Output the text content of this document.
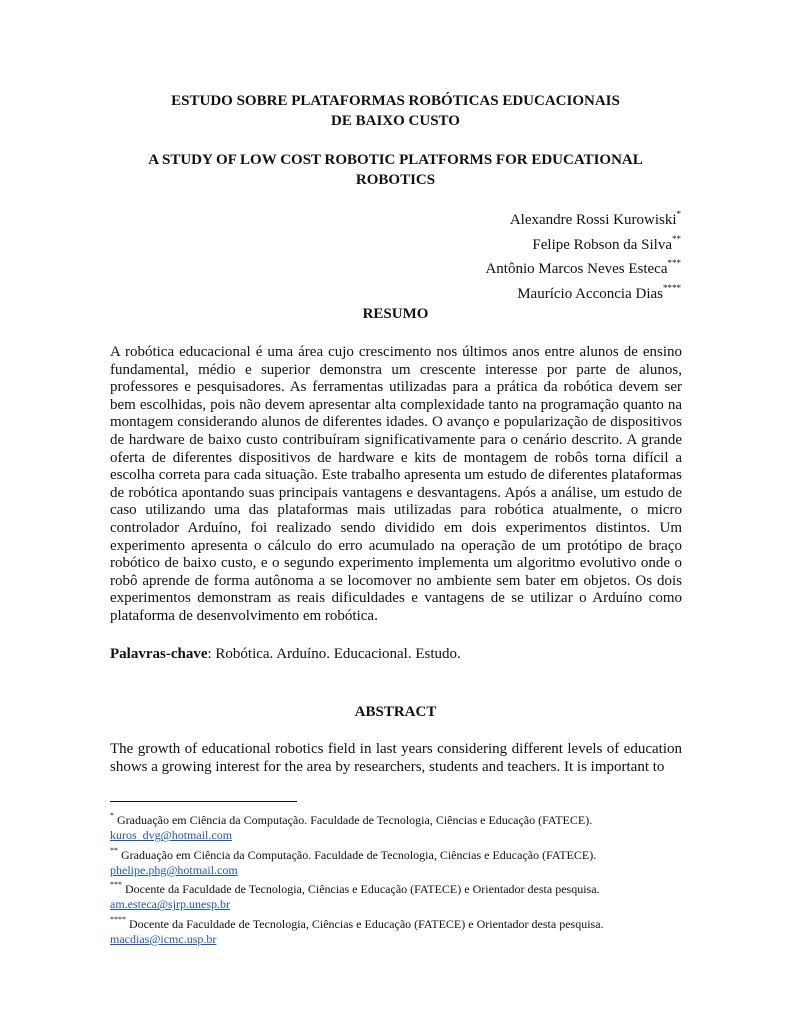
ESTUDO SOBRE PLATAFORMAS ROBÓTICAS EDUCACIONAIS
DE BAIXO CUSTO
A STUDY OF LOW COST ROBOTIC PLATFORMS FOR EDUCATIONAL
ROBOTICS
Alexandre Rossi Kurowiski*
Felipe Robson da Silva**
Antônio Marcos Neves Esteca***
Maurício Acconcia Dias****
RESUMO

A robótica educacional é uma área cujo crescimento nos últimos anos entre alunos de ensino fundamental, médio e superior demonstra um crescente interesse por parte de alunos, professores e pesquisadores. As ferramentas utilizadas para a prática da robótica devem ser bem escolhidas, pois não devem apresentar alta complexidade tanto na programação quanto na montagem considerando alunos de diferentes idades. O avanço e popularização de dispositivos de hardware de baixo custo contribuíram significativamente para o cenário descrito. A grande oferta de diferentes dispositivos de hardware e kits de montagem de robôs torna difícil a escolha correta para cada situação. Este trabalho apresenta um estudo de diferentes plataformas de robótica apontando suas principais vantagens e desvantagens. Após a análise, um estudo de caso utilizando uma das plataformas mais utilizadas para robótica atualmente, o micro controlador Arduíno, foi realizado sendo dividido em dois experimentos distintos. Um experimento apresenta o cálculo do erro acumulado na operação de um protótipo de braço robótico de baixo custo, e o segundo experimento implementa um algoritmo evolutivo onde o robô aprende de forma autônoma a se locomover no ambiente sem bater em objetos. Os dois experimentos demonstram as reais dificuldades e vantagens de se utilizar o Arduíno como plataforma de desenvolvimento em robótica.

Palavras-chave: Robótica. Arduíno. Educacional. Estudo.

ABSTRACT

The growth of educational robotics field in last years considering different levels of education shows a growing interest for the area by researchers, students and teachers. It is important to

* Graduação em Ciência da Computação. Faculdade de Tecnologia, Ciências e Educação (FATECE).
kuros_dvg@hotmail.com

** Graduação em Ciência da Computação. Faculdade de Tecnologia, Ciências e Educação (FATECE).
phelipe.phg@hotmail.com

*** Docente da Faculdade de Tecnologia, Ciências e Educação (FATECE) e Orientador desta pesquisa.
am.esteca@sjrp.unesp.br

**** Docente da Faculdade de Tecnologia, Ciências e Educação (FATECE) e Orientador desta pesquisa.
macdias@icmc.usp.br
